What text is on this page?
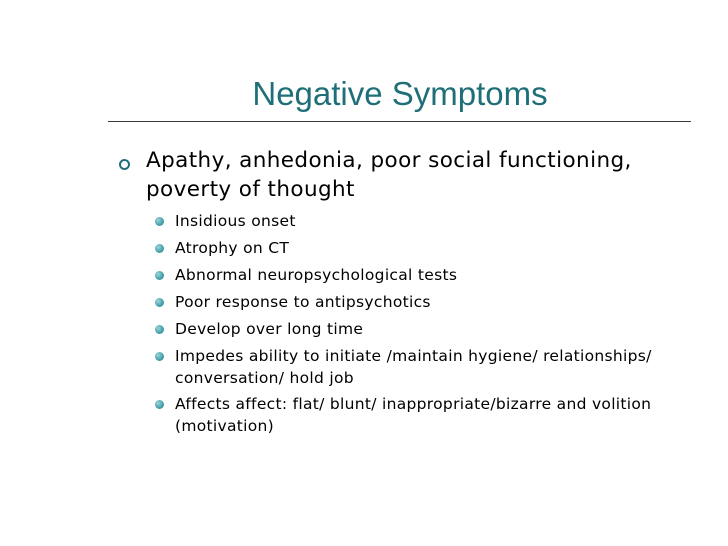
Negative Symptoms

Apathy, anhedonia, poor social functioning, poverty of thought

Insidious onset
Atrophy on CT
Abnormal neuropsychological tests
Poor response to antipsychotics
Develop over long time
Impedes ability to initiate /maintain hygiene/ relationships/ conversation/ hold job
Affects affect: flat/ blunt/ inappropriate/bizarre and volition (motivation)
